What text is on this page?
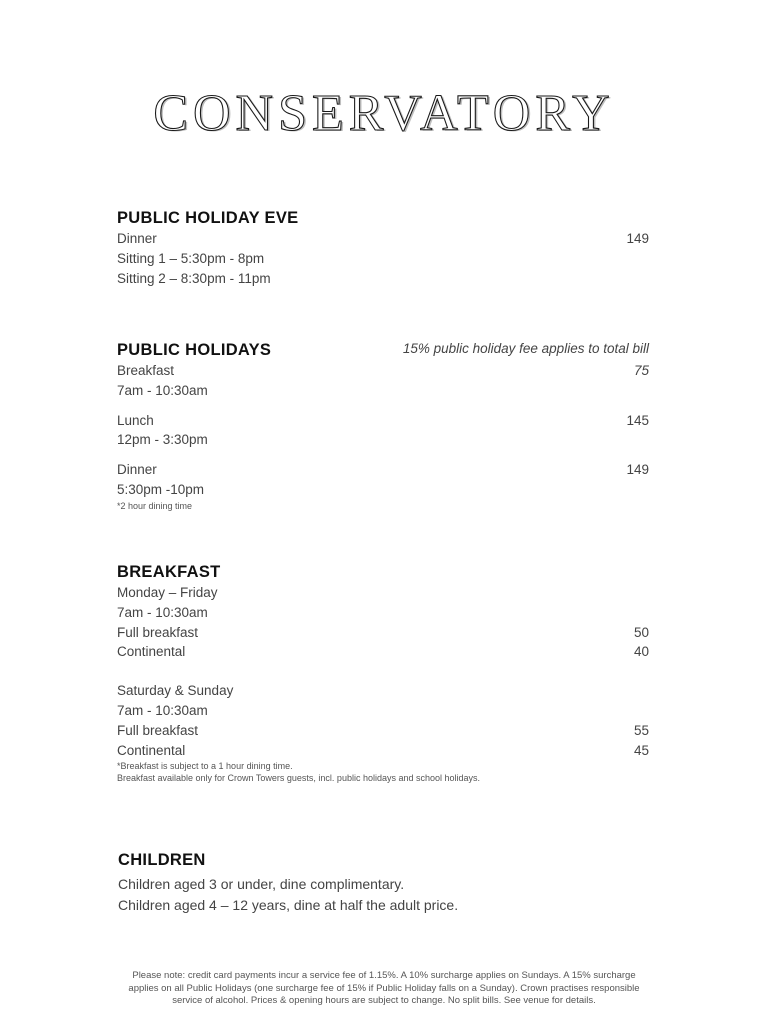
CONSERVATORY
PUBLIC HOLIDAY EVE
Dinner	149
Sitting 1 – 5:30pm - 8pm
Sitting 2 – 8:30pm - 11pm
PUBLIC HOLIDAYS	15% public holiday fee applies to total bill
Breakfast	75
7am - 10:30am
Lunch	145
12pm - 3:30pm
Dinner	149
5:30pm -10pm
*2 hour dining time
BREAKFAST
Monday – Friday
7am - 10:30am
Full breakfast	50
Continental	40
Saturday & Sunday
7am - 10:30am
Full breakfast	55
Continental	45
*Breakfast is subject to a 1 hour dining time.
Breakfast available only for Crown Towers guests, incl. public holidays and school holidays.
CHILDREN
Children aged 3 or under, dine complimentary.
Children aged 4 – 12 years, dine at half the adult price.
Please note: credit card payments incur a service fee of 1.15%. A 10% surcharge applies on Sundays. A 15% surcharge
applies on all Public Holidays (one surcharge fee of 15% if Public Holiday falls on a Sunday). Crown practises responsible
service of alcohol. Prices & opening hours are subject to change. No split bills. See venue for details.
